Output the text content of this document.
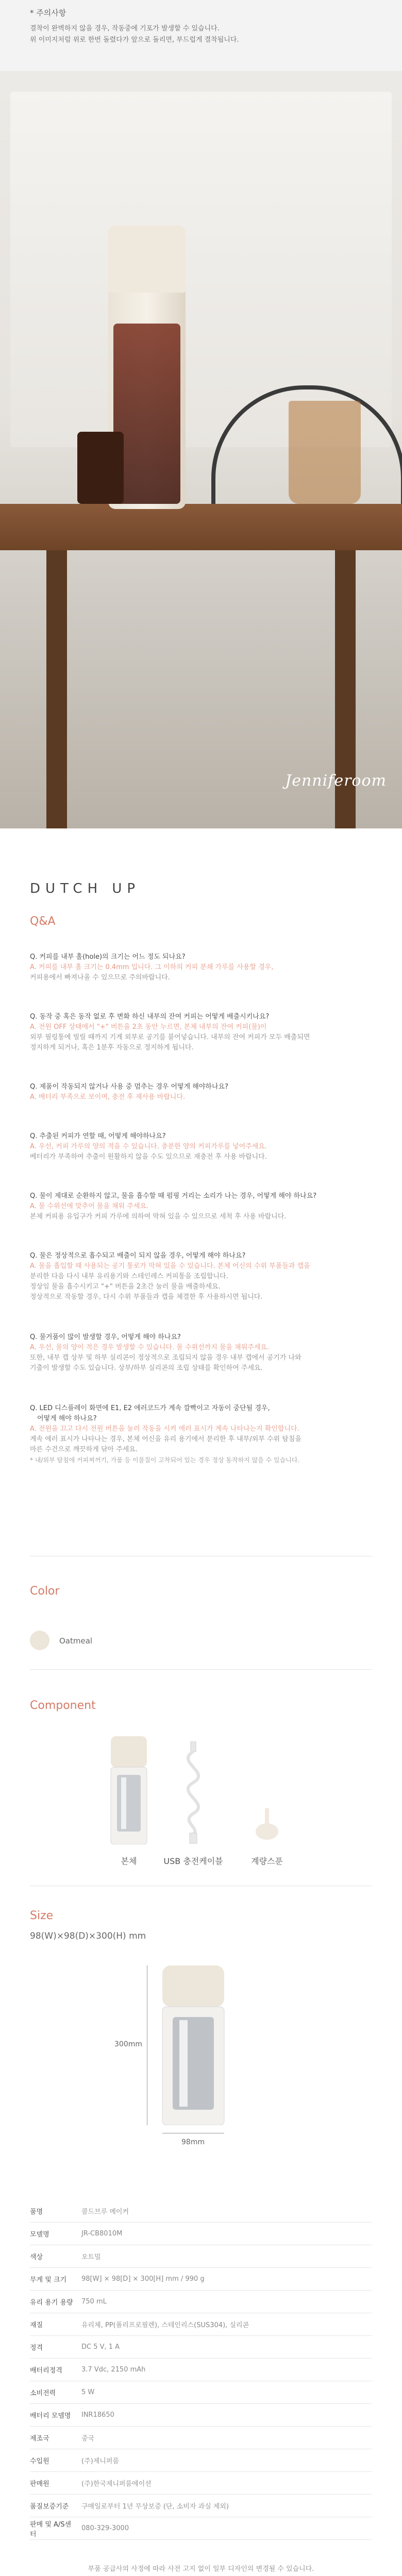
* 주의사항
결착이 완벽하지 않을 경우, 작동중에 기포가 발생할 수 있습니다.
위 이미지처럼 위로 한번 돌렸다가 앞으로 돌리면, 부드럽게 결착됩니다.
Jenniferoom
DUTCH UP
Q&A
Q. 커피를 내부 홀(hole)의 크기는 어느 정도 되나요?
A. 커피를 내부 홀 크기는 0.4mm 입니다. 그 이하의 커피 분쇄 가루를 사용할 경우,
커피용에서 빠져나올 수 있으므로 주의바랍니다.
Q. 동작 중 혹은 동작 없로 후 변화 하신 내부의 잔여 커피는 어떻게 배출시키나요?
A. 전원 OFF 상태에서 "+" 버튼을 2초 동안 누르면, 본체 내부의 잔여 커피(물)이
외부 필링통에 빌릴 때까지 기계 외부로 공기를 불어넣습니다. 내부의 잔여 커피가 모두 배출되면
정지하게 되거나, 혹은 1분후 자동으로 정지하게 됩니다.
Q. 제품이 작동되지 않거나 사용 중 멈추는 경우 어떻게 해야하나요?
A. 배터리 부족으로 보이며, 충전 후 재사용 바랍니다.
Q. 추출된 커피가 연할 때, 어떻게 해야하나요?
A. 우선, 커피 가루의 양의 적을 수 있습니다. 충분한 양의 커피가루를 넣어주세요.
베터리가 부족하여 추출이 원활하지 않을 수도 있으므로 재충전 후 사용 바랍니다.
Q. 물이 제대로 순환하지 않고, 물을 흡수할 때 펌핑 거리는 소리가 나는 경우, 어떻게 해야 하나요?
A. 물 수위선에 맞추어 물을 채워 주세요.
본체 커피용 유입구가 커피 가루에 의하여 막혀 있을 수 있으므로 세척 후 사용 바랍니다.
Q. 물은 정상적으로 흡수되고 배출이 되지 않을 경우, 어떻게 해야 하나요?
A. 물을 흡입할 때 사용되는 공기 통로가 막혀 있을 수 있습니다. 본체 어신의 수위 부품들과 캡을
분리한 다음 다시 내부 유리용기와 스테인레스 커피통을 조립합니다.
정상임 물을 흡수시키고 "+" 버튼을 2초간 눌러 물을 배출하세요.
정상적으로 작동할 경우, 다시 수위 부품들과 캡을 체결한 후 사용하시면 됩니다.
Q. 물거품이 많이 발생할 경우, 어떻게 해야 하나요?
A. 우선, 물의 양이 적은 경우 발생할 수 있습니다. 물 수위선까지 물을 채워주세요.
또한, 내부 캡 상부 및 하부 실리콘이 정상적으로 조립되지 않을 경우 내부 캡에서 공기가 나와
기출이 발생할 수도 있습니다. 상부/하부 실리콘의 조립 상태를 확인하여 주세요.
Q. LED 디스플레이 화면에 E1, E2 에러코드가 계속 깜빡이고 자동이 중단될 경우,
어떻게 해야 하나요?
A. 전원을 끄고 다시 전원 버튼을 눌러 작동을 시켜 에러 표시가 계속 나타나는지 확인합니다.
계속 에러 표시가 나타나는 경우, 본체 어신을 유리 용기에서 분리한 후 내부/외부 수위 탐침을
마른 수건으로 깨끗하게 닦아 주세요.
* 내/외부 탐침에 커피찌꺼기, 가품 등 이물질이 고착되어 있는 경우 정상 동작하지 않을 수 있습니다.
Color
Oatmeal
Component
본체	USB 충전케이블	계량스푼
Size
98(W)×98(D)×300(H) mm
300mm
98mm
품명	콜드브루 메이커
모델명	JR-CB8010M
색상	오트밀
무게 및 크기	98[W] × 98[D] × 300[H] mm / 990 g
유리 용기 용량	750 mL
재질	유리체, PP(폴리프로필렌), 스테인리스(SUS304), 실리콘
정격	DC 5 V, 1 A
배터리정격	3.7 Vdc, 2150 mAh
소비전력	5 W
배터리 모델명	INR18650
제조국	중국
수입원	(주)제니퍼룸
판매원	(주)한국제니퍼룸에이션
품질보증기준	구매일로부터 1년 무상보증 (단, 소비자 과실 제외)
판매 및 A/S센터	080-329-3000
부품 공급사의 사정에 따라 사전 고지 없이 일부 디자인의 변경될 수 있습니다.
